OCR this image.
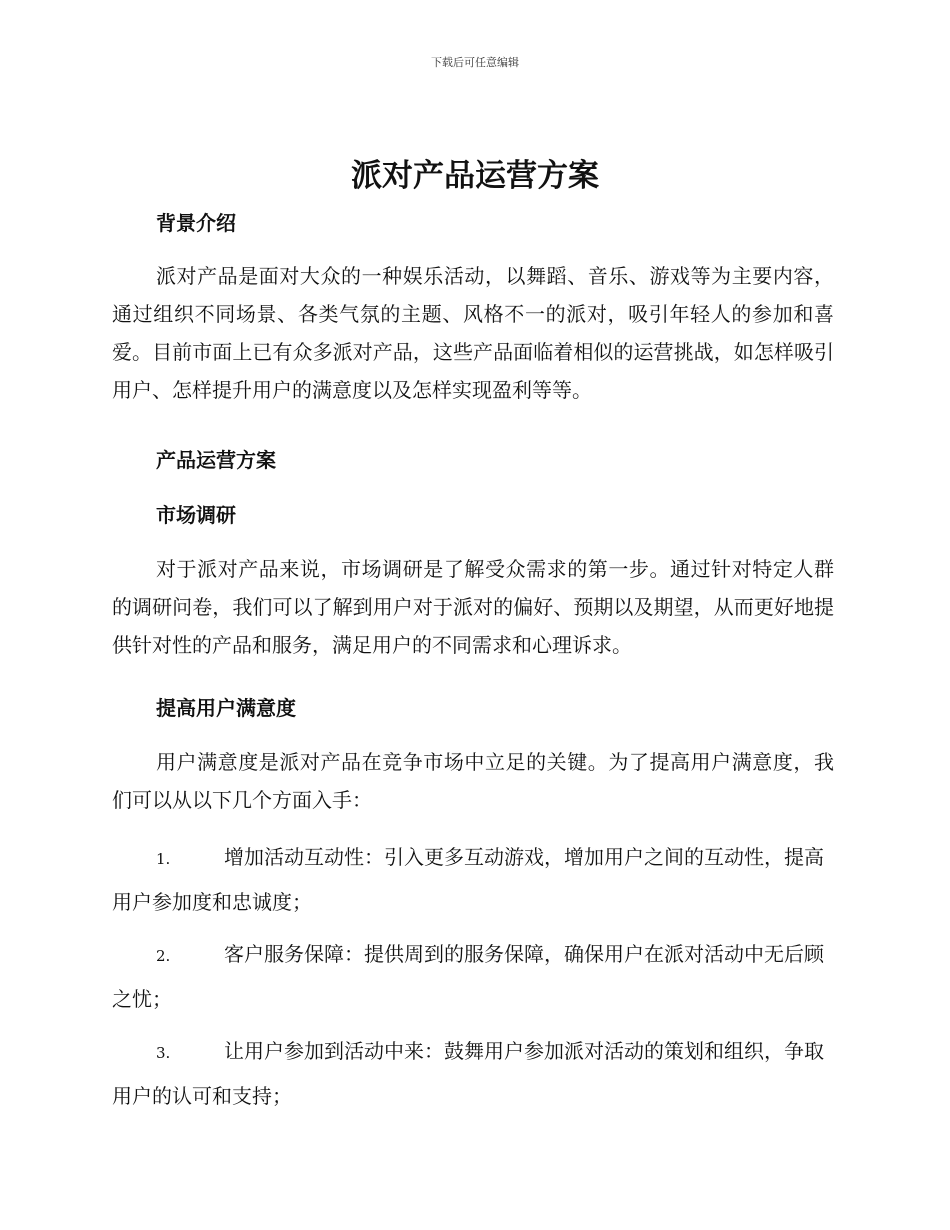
下载后可任意编辑
派对产品运营方案
背景介绍

派对产品是面对大众的一种娱乐活动，以舞蹈、音乐、游戏等为主要内容，通过组织不同场景、各类气氛的主题、风格不一的派对，吸引年轻人的参加和喜爱。目前市面上已有众多派对产品，这些产品面临着相似的运营挑战，如怎样吸引用户、怎样提升用户的满意度以及怎样实现盈利等等。

产品运营方案
市场调研

对于派对产品来说，市场调研是了解受众需求的第一步。通过针对特定人群的调研问卷，我们可以了解到用户对于派对的偏好、预期以及期望，从而更好地提供针对性的产品和服务，满足用户的不同需求和心理诉求。

提高用户满意度

用户满意度是派对产品在竞争市场中立足的关键。为了提高用户满意度，我们可以从以下几个方面入手：

1.	增加活动互动性：引入更多互动游戏，增加用户之间的互动性，提高用户参加度和忠诚度；

2.	客户服务保障：提供周到的服务保障，确保用户在派对活动中无后顾之忧；

3.	让用户参加到活动中来：鼓舞用户参加派对活动的策划和组织，争取用户的认可和支持；
